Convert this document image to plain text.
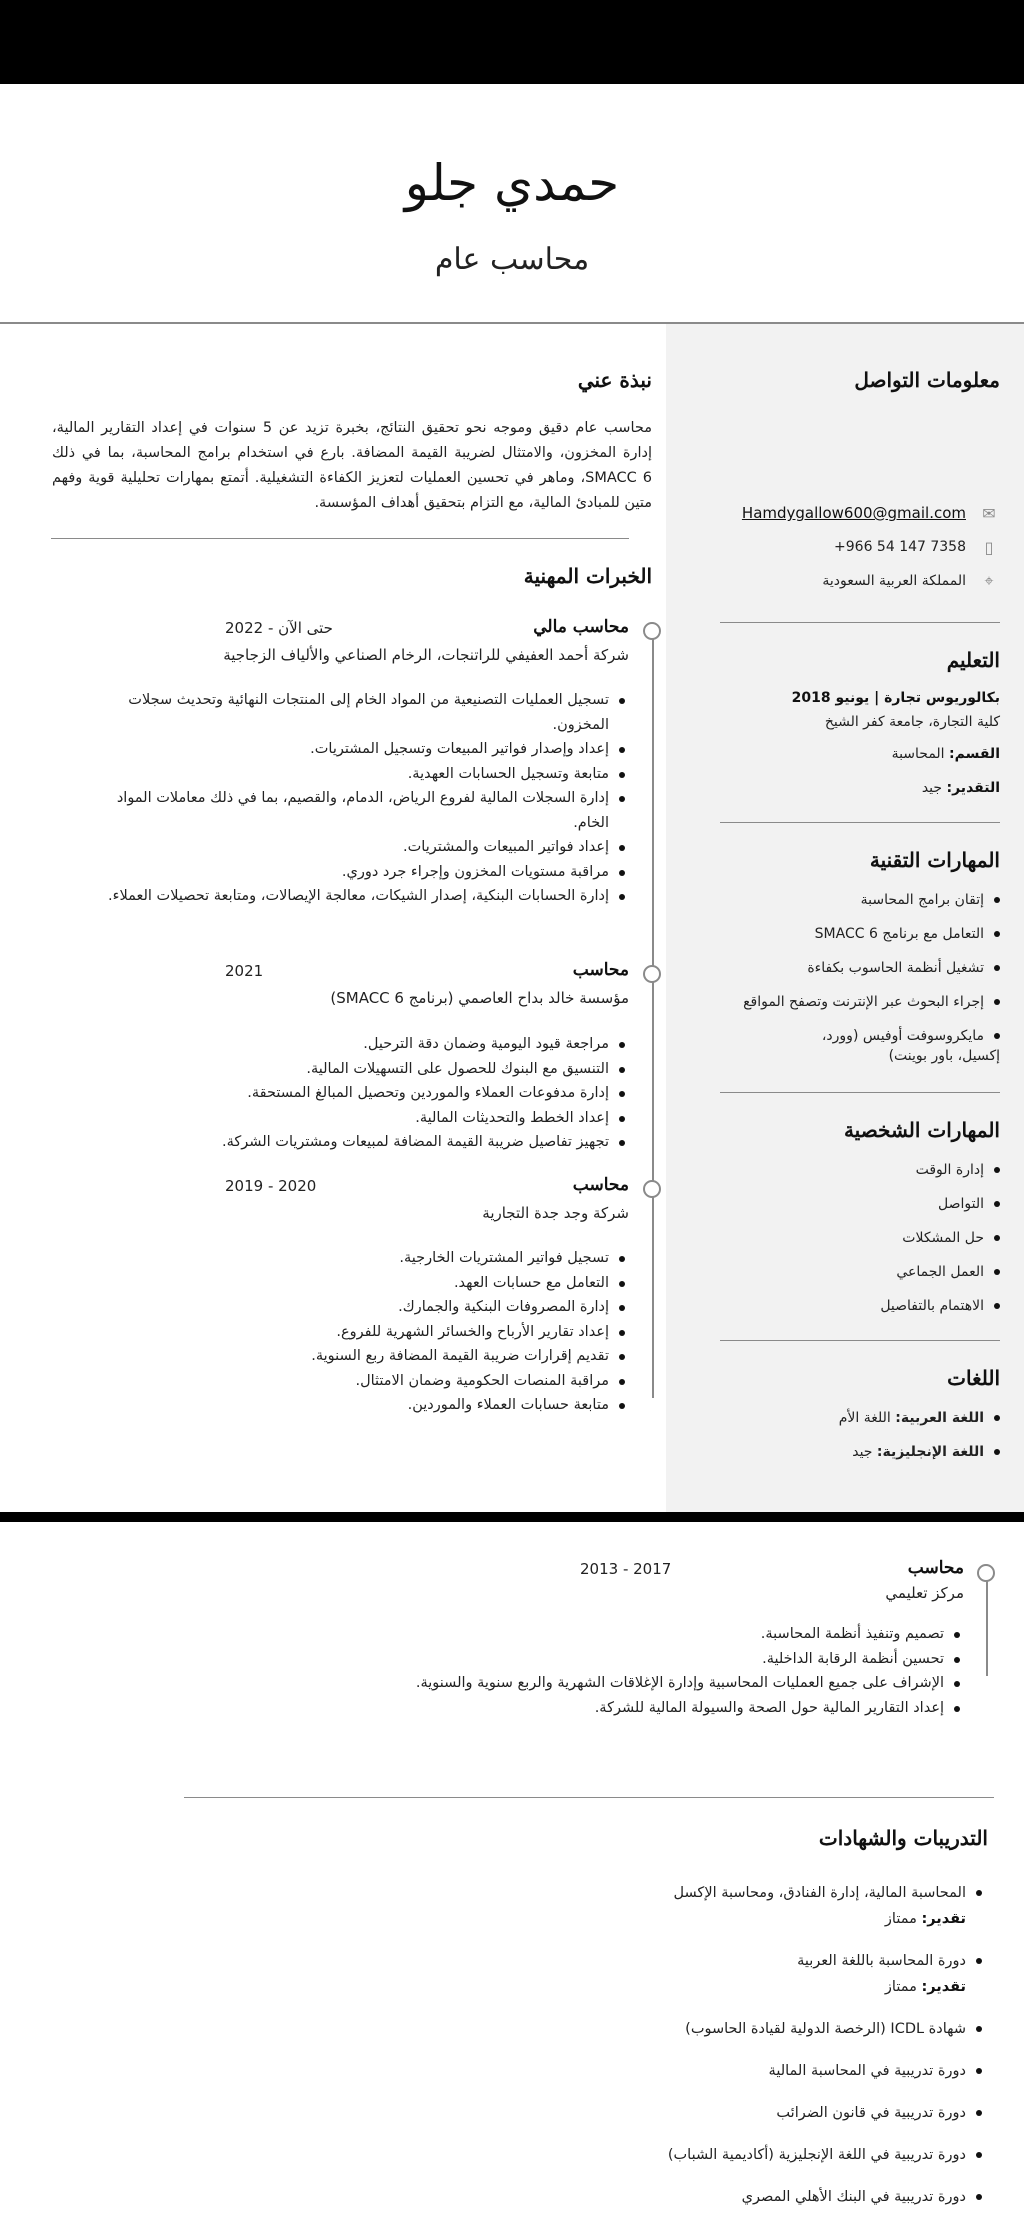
حمدي جلو
محاسب عام
معلومات التواصل
✉
Hamdygallow600@gmail.com
▯
+966 54 147 7358
⌖
المملكة العربية السعودية
التعليم
بكالوريوس تجارة | يونيو 2018
كلية التجارة، جامعة كفر الشيخ
القسم: المحاسبة
التقدير: جيد
المهارات التقنية
إتقان برامج المحاسبة
التعامل مع برنامج SMACC 6
تشغيل أنظمة الحاسوب بكفاءة
إجراء البحوث عبر الإنترنت وتصفح المواقع
مايكروسوفت أوفيس (وورد، إكسيل، باور بوينت)
المهارات الشخصية
إدارة الوقت
التواصل
حل المشكلات
العمل الجماعي
الاهتمام بالتفاصيل
اللغات
اللغة العربية: اللغة الأم
اللغة الإنجليزية: جيد
نبذة عني
محاسب عام دقيق وموجه نحو تحقيق النتائج، بخبرة تزيد عن 5 سنوات في إعداد التقارير المالية، إدارة المخزون، والامتثال لضريبة القيمة المضافة. بارع في استخدام برامج المحاسبة، بما في ذلك SMACC 6، وماهر في تحسين العمليات لتعزيز الكفاءة التشغيلية. أتمتع بمهارات تحليلية قوية وفهم متين للمبادئ المالية، مع التزام بتحقيق أهداف المؤسسة.
الخبرات المهنية
محاسب مالي
2022 - حتى الآن
شركة أحمد العفيفي للراتنجات، الرخام الصناعي والألياف الزجاجية
تسجيل العمليات التصنيعية من المواد الخام إلى المنتجات النهائية وتحديث سجلات المخزون.
إعداد وإصدار فواتير المبيعات وتسجيل المشتريات.
متابعة وتسجيل الحسابات العهدية.
إدارة السجلات المالية لفروع الرياض، الدمام، والقصيم، بما في ذلك معاملات المواد الخام.
إعداد فواتير المبيعات والمشتريات.
مراقبة مستويات المخزون وإجراء جرد دوري.
إدارة الحسابات البنكية، إصدار الشيكات، معالجة الإيصالات، ومتابعة تحصيلات العملاء.
محاسب
2021
مؤسسة خالد بداح العاصمي (برنامج SMACC 6)
مراجعة قيود اليومية وضمان دقة الترحيل.
التنسيق مع البنوك للحصول على التسهيلات المالية.
إدارة مدفوعات العملاء والموردين وتحصيل المبالغ المستحقة.
إعداد الخطط والتحديثات المالية.
تجهيز تفاصيل ضريبة القيمة المضافة لمبيعات ومشتريات الشركة.
محاسب
2019 - 2020
شركة وجد جدة التجارية
تسجيل فواتير المشتريات الخارجية.
التعامل مع حسابات العهد.
إدارة المصروفات البنكية والجمارك.
إعداد تقارير الأرباح والخسائر الشهرية للفروع.
تقديم إقرارات ضريبة القيمة المضافة ربع السنوية.
مراقبة المنصات الحكومية وضمان الامتثال.
متابعة حسابات العملاء والموردين.
محاسب
2013 - 2017
مركز تعليمي
تصميم وتنفيذ أنظمة المحاسبة.
تحسين أنظمة الرقابة الداخلية.
الإشراف على جميع العمليات المحاسبية وإدارة الإغلاقات الشهرية والربع سنوية والسنوية.
إعداد التقارير المالية حول الصحة والسيولة المالية للشركة.
التدريبات والشهادات
المحاسبة المالية، إدارة الفنادق، ومحاسبة الإكسل
تقدير: ممتاز
دورة المحاسبة باللغة العربية
تقدير: ممتاز
شهادة ICDL (الرخصة الدولية لقيادة الحاسوب)
دورة تدريبية في المحاسبة المالية
دورة تدريبية في قانون الضرائب
دورة تدريبية في اللغة الإنجليزية (أكاديمية الشباب)
دورة تدريبية في البنك الأهلي المصري
